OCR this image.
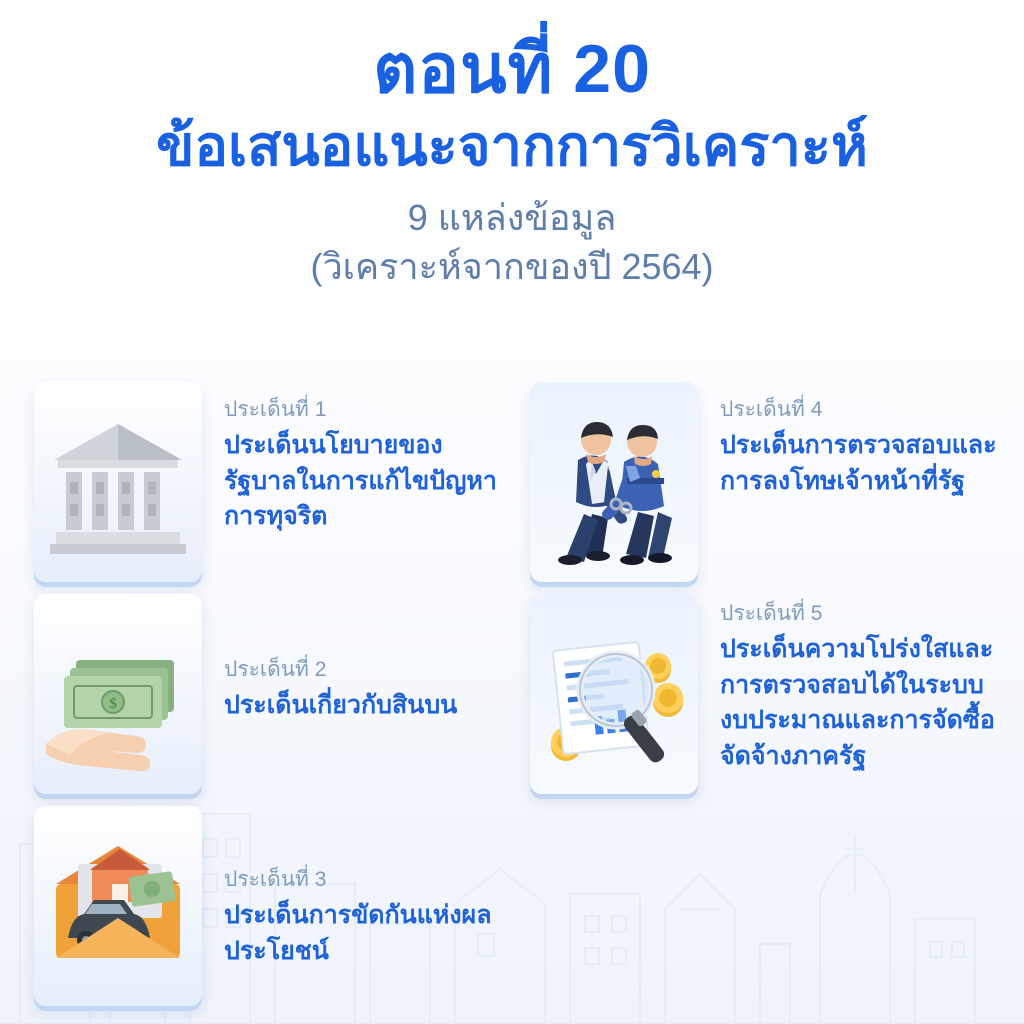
ตอนที่ 20
ข้อเสนอแนะจากการวิเคราะห์
9 แหล่งข้อมูล
(วิเคราะห์จากของปี 2564)
ประเด็นที่ 1
ประเด็นนโยบายของรัฐบาลในการแก้ไขปัญหาการทุจริต
$
ประเด็นที่ 2
ประเด็นเกี่ยวกับสินบน
ประเด็นที่ 3
ประเด็นการขัดกันแห่งผลประโยชน์
ประเด็นที่ 4
ประเด็นการตรวจสอบและการลงโทษเจ้าหน้าที่รัฐ
ประเด็นที่ 5
ประเด็นความโปร่งใสและการตรวจสอบได้ในระบบงบประมาณและการจัดซื้อจัดจ้างภาครัฐ
